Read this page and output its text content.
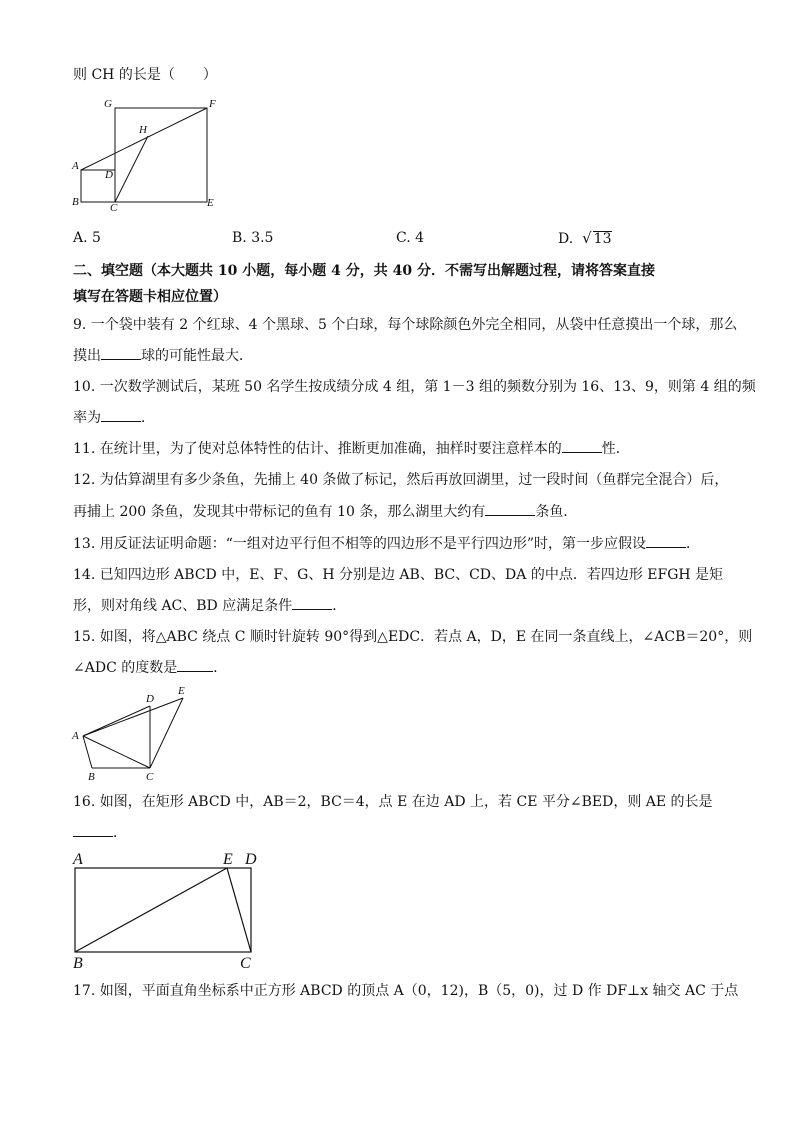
则 CH 的长是（　　）
G	F
H
A
D
B	C	E
A. 5	B. 3.5	C. 4	D. √ 13
二、填空题（本大题共 10 小题，每小题 4 分，共 40 分．不需写出解题过程，请将答案直接
填写在答题卡相应位置）
9. 一个袋中装有 2 个红球、4 个黑球、5 个白球，每个球除颜色外完全相同，从袋中任意摸出一个球，那么
摸出	球的可能性最大．
10. 一次数学测试后，某班 50 名学生按成绩分成 4 组，第 1－3 组的频数分别为 16、13、9，则第 4 组的频
率为	．
11. 在统计里，为了使对总体特性的估计、推断更加准确，抽样时要注意样本的	性．
12. 为估算湖里有多少条鱼，先捕上 40 条做了标记，然后再放回湖里，过一段时间（鱼群完全混合）后，
再捕上 200 条鱼，发现其中带标记的鱼有 10 条，那么湖里大约有	条鱼．
13. 用反证法证明命题：“一组对边平行但不相等的四边形不是平行四边形”时，第一步应假设	．
14. 已知四边形 ABCD 中，E、F、G、H 分别是边 AB、BC、CD、DA 的中点．若四边形 EFGH 是矩
形，则对角线 AC、BD 应满足条件	．
15. 如图，将△ABC 绕点 C 顺时针旋转 90°得到△EDC．若点 A，D，E 在同一条直线上，∠ACB＝20°，则
∠ADC 的度数是	．
A
B	C
D
E
16. 如图，在矩形 ABCD 中，AB＝2，BC＝4，点 E 在边 AD 上，若 CE 平分∠BED，则 AE 的长是
．
A	E D
B	C
17. 如图，平面直角坐标系中正方形 ABCD 的顶点 A（0，12)，B（5，0)，过 D 作 DF⊥x 轴交 AC 于点
